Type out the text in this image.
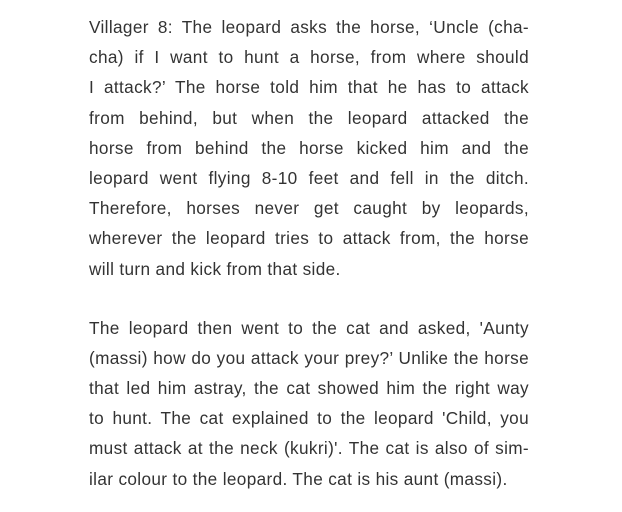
Villager 8: The leopard asks the horse, ‘Uncle (cha-
cha) if I want to hunt a horse, from where should
I attack?’ The horse told him that he has to attack
from behind, but when the leopard attacked the
horse from behind the horse kicked him and the
leopard went flying 8-10 feet and fell in the ditch.
Therefore, horses never get caught by leopards,
wherever the leopard tries to attack from, the horse
will turn and kick from that side.
The leopard then went to the cat and asked, 'Aunty
(massi) how do you attack your prey?’ Unlike the horse
that led him astray, the cat showed him the right way
to hunt. The cat explained to the leopard 'Child, you
must attack at the neck (kukri)'. The cat is also of sim-
ilar colour to the leopard. The cat is his aunt (massi).
